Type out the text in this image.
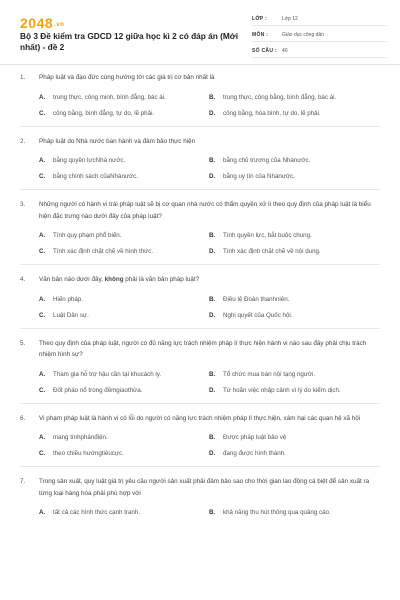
2048.vn
Bộ 3 Đề kiểm tra GDCD 12 giữa học kì 2 có đáp án (Mới nhất) - đề 2
LỚP :	Lớp 12
MÔN :	Giáo dục công dân
SỐ CÂU :	40
1.	Pháp luật và đạo đức cùng hướng tới các giá trị cơ bản nhất là
A.	trung thực, công minh, bình đẳng, bác ái.	B.	trung thực, công bằng, bình đẳng, bác ái.
C.	công bằng, bình đẳng, tự do, lẽ phải.	D.	công bằng, hòa bình, tự do, lẽ phải.
2.	Pháp luật do Nhà nước ban hành và đảm bảo thực hiện
A.	bằng quyền lựcNhà nước.	B.	bằng chủ trương của Nhànước.
C.	bằng chính sách củaNhànước.	D.	bằng uy tín của Nhànước.
3.	Những người có hành vi trái pháp luật sẽ bị cơ quan nhà nước có thẩm quyền xử lí theo quy định của pháp luật là biểu hiện đặc trưng nào dưới đây của pháp luật?
A.	Tính quy phạm phổ biến.	B.	Tính quyền lực, bắt buộc chung.
C.	Tính xác định chặt chẽ về hình thức.	D.	Tính xác định chặt chẽ về nội dung.
4.	Văn bản nào dưới đây, không phải là văn bản pháp luật?
A.	Hiến pháp.	B.	Điều lệ Đoàn thanhniên.
C.	Luật Dân sự.	D.	Nghị quyết của Quốc hội.
5.	Theo quy định của pháp luật, người có đủ năng lực trách nhiệm pháp lí thực hiện hành vi nào sau đây phải chịu trách nhiệm hình sự?
A.	Tham gia hỗ trợ hậu cần tại khucách ly.	B.	Tổ chức mua bán nội tạng người.
C.	Đốt pháo nổ trong đêmgiaothừa.	D.	Từ hoãn việc nhập cảnh vì lý do kiểm dịch.
6.	Vi phạm pháp luật là hành vi có lỗi do người có năng lực trách nhiệm pháp lí thực hiện, xâm hại các quan hệ xã hội
A.	mang tínhphánđiện.	B.	Được pháp luật bảo vệ
C.	theo chiều hướngtiêucực.	D.	đang được hình thành.
7.	Trong sản xuất, quy luật giá trị yêu cầu người sản xuất phải đảm bảo sao cho thời gian lao động cá biệt để sản xuất ra từng loại hàng hóa phải phù hợp với
A.	tất cả các hình thức cạnh tranh.	B.	khả năng thu hút thông qua quảng cáo.
